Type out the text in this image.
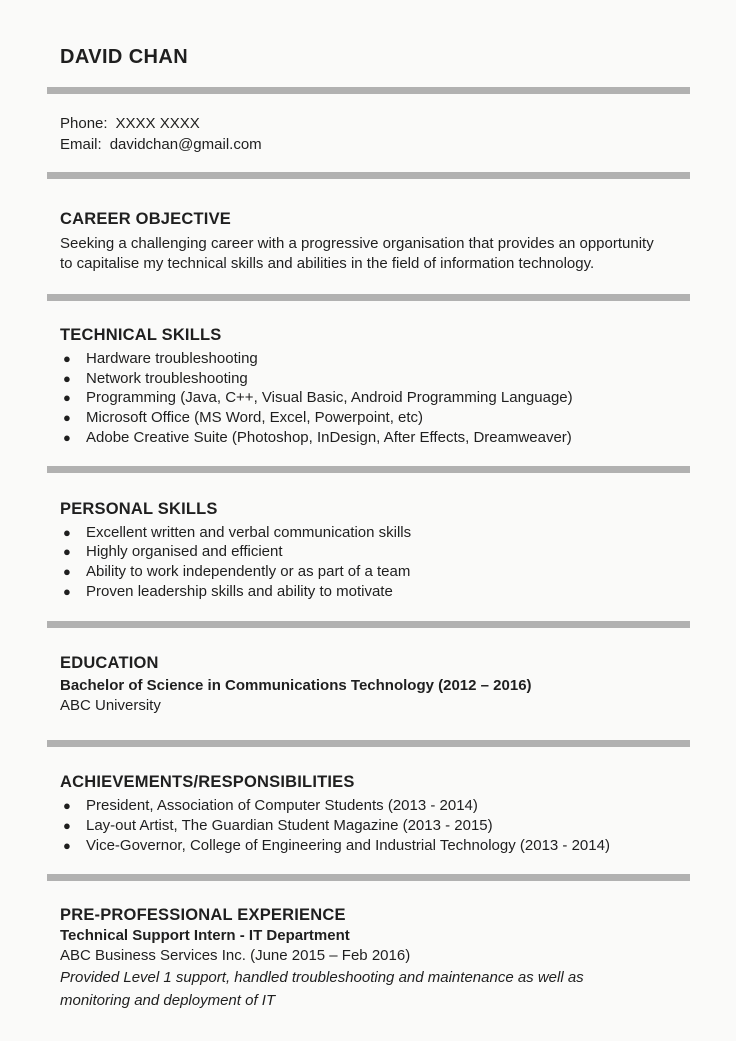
DAVID CHAN
Phone: XXXX XXXX
Email: davidchan@gmail.com
CAREER OBJECTIVE
Seeking a challenging career with a progressive organisation that provides an opportunity to capitalise my technical skills and abilities in the field of information technology.
TECHNICAL SKILLS
●	Hardware troubleshooting
●	Network troubleshooting
●	Programming (Java, C++, Visual Basic, Android Programming Language)
●	Microsoft Office (MS Word, Excel, Powerpoint, etc)
●	Adobe Creative Suite (Photoshop, InDesign, After Effects, Dreamweaver)
PERSONAL SKILLS
●	Excellent written and verbal communication skills
●	Highly organised and efficient
●	Ability to work independently or as part of a team
●	Proven leadership skills and ability to motivate
EDUCATION
Bachelor of Science in Communications Technology (2012 – 2016)
ABC University
ACHIEVEMENTS/RESPONSIBILITIES
●	President, Association of Computer Students (2013 - 2014)
●	Lay-out Artist, The Guardian Student Magazine (2013 - 2015)
●	Vice-Governor, College of Engineering and Industrial Technology (2013 - 2014)
PRE-PROFESSIONAL EXPERIENCE
Technical Support Intern - IT Department
ABC Business Services Inc. (June 2015 – Feb 2016)
Provided Level 1 support, handled troubleshooting and maintenance as well as monitoring and deployment of IT
